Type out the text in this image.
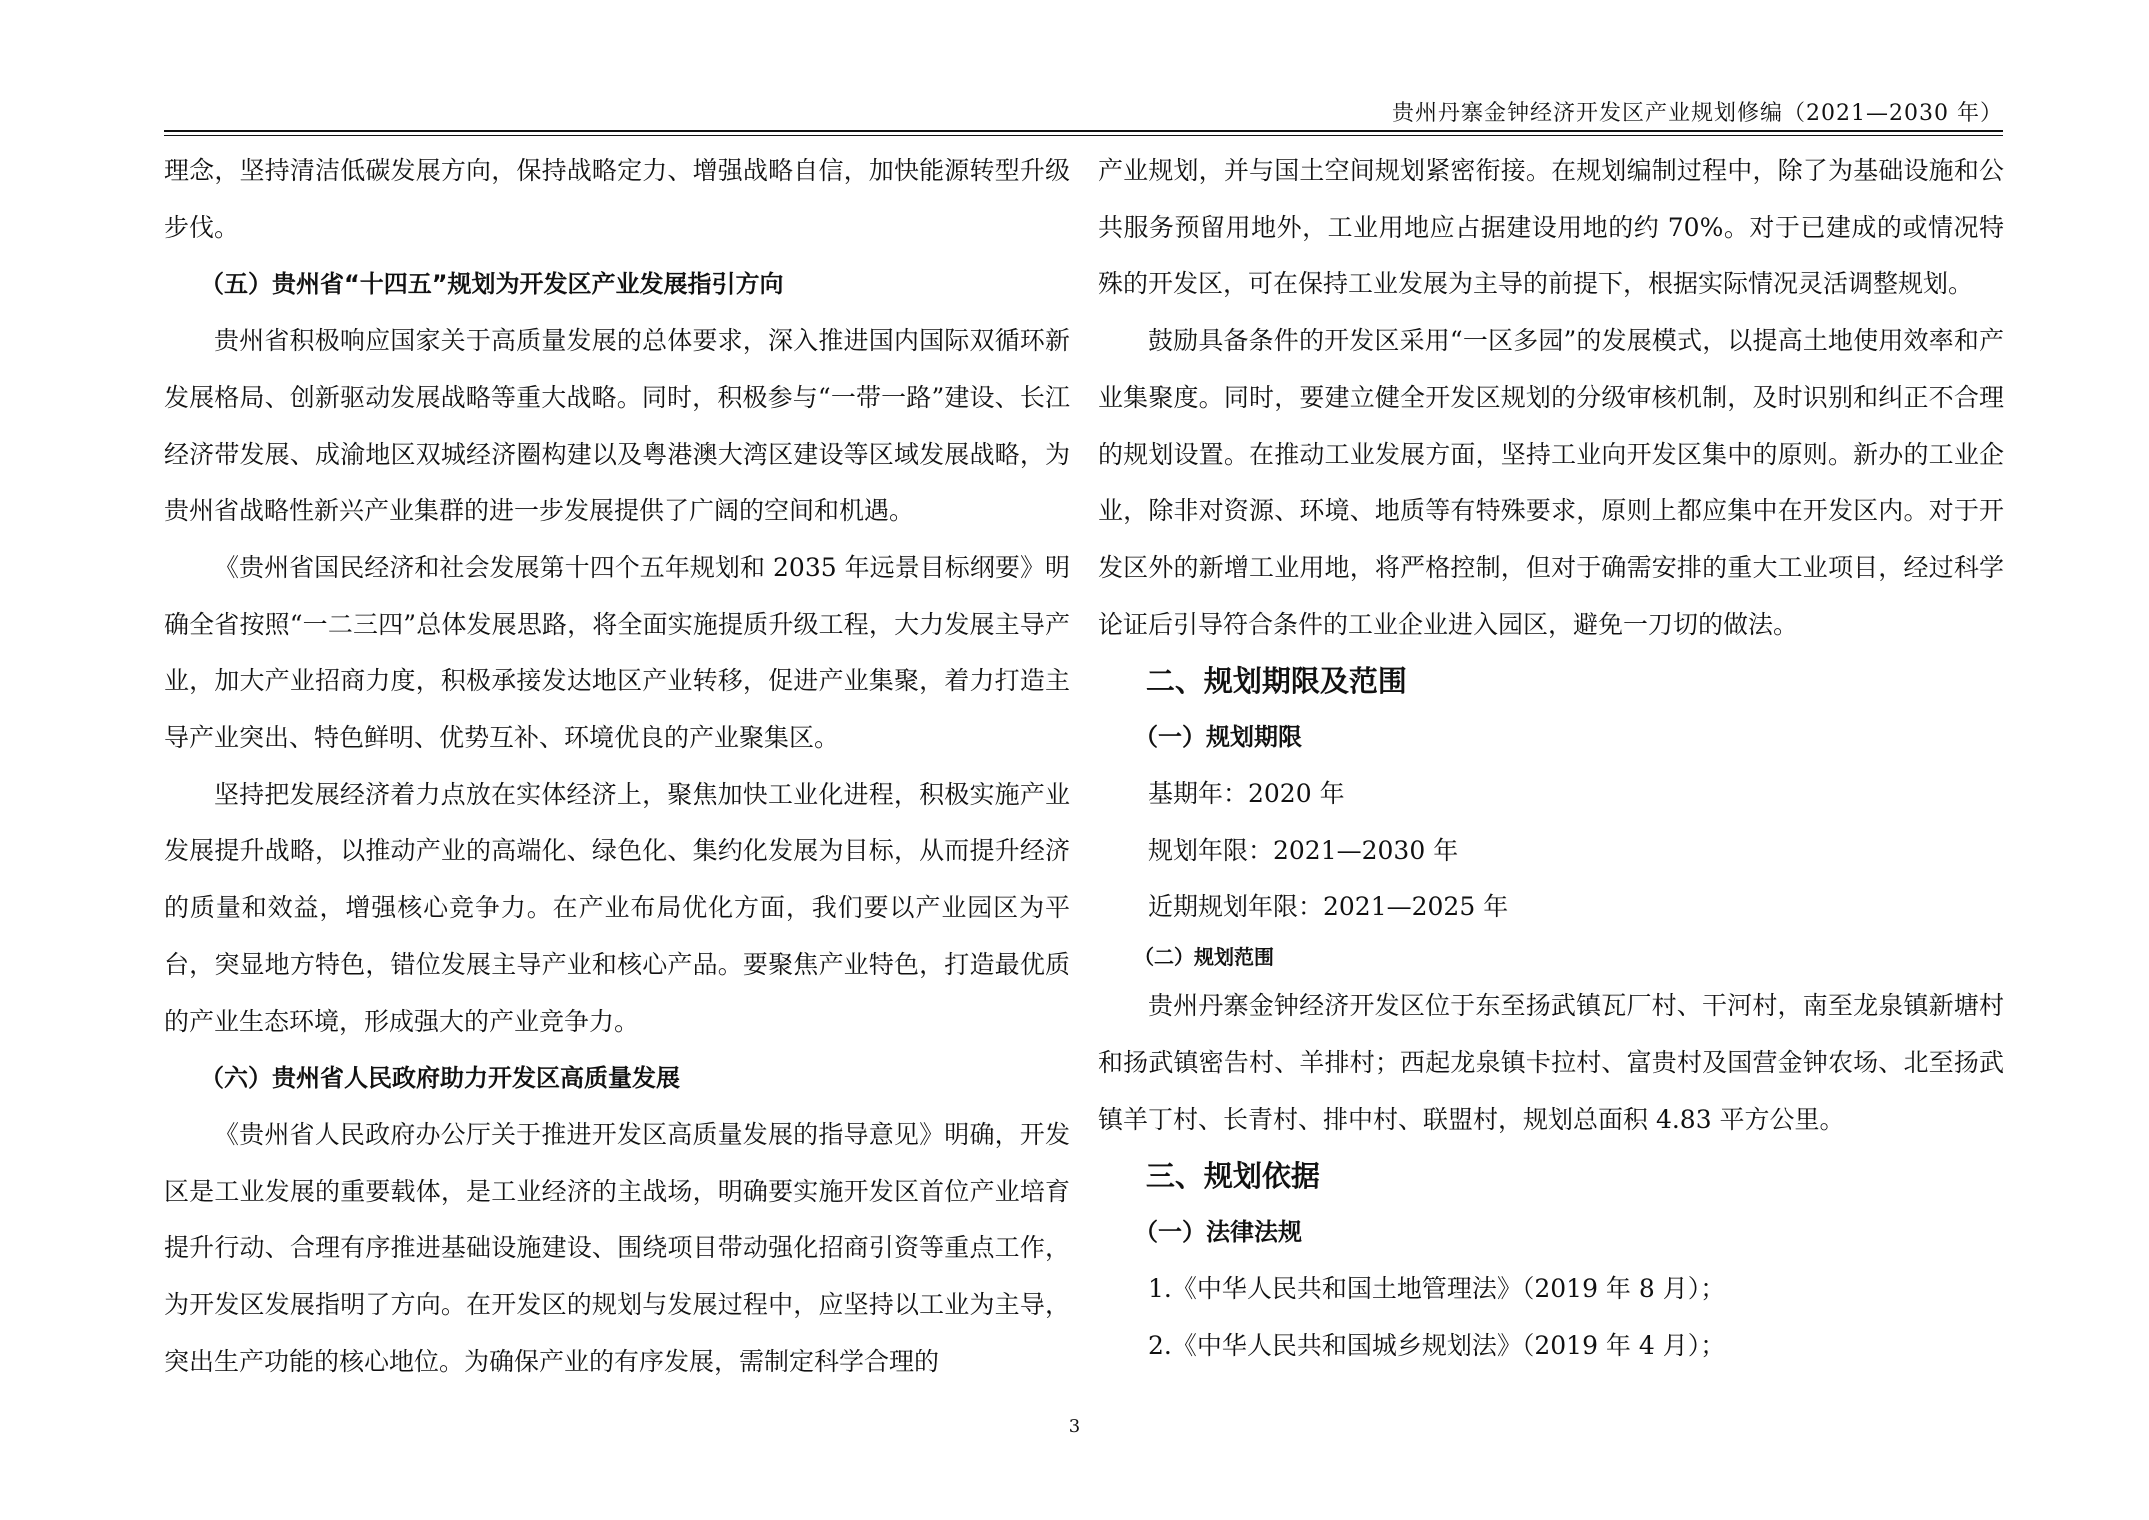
贵州丹寨金钟经济开发区产业规划修编（2021—2030 年）

理念，坚持清洁低碳发展方向，保持战略定力、增强战略自信，加快能源转型升级步伐。

（五）贵州省“十四五”规划为开发区产业发展指引方向

贵州省积极响应国家关于高质量发展的总体要求，深入推进国内国际双循环新发展格局、创新驱动发展战略等重大战略。同时，积极参与“一带一路”建设、长江经济带发展、成渝地区双城经济圈构建以及粤港澳大湾区建设等区域发展战略，为贵州省战略性新兴产业集群的进一步发展提供了广阔的空间和机遇。

《贵州省国民经济和社会发展第十四个五年规划和 2035 年远景目标纲要》明确全省按照“一二三四”总体发展思路，将全面实施提质升级工程，大力发展主导产业，加大产业招商力度，积极承接发达地区产业转移，促进产业集聚，着力打造主导产业突出、特色鲜明、优势互补、环境优良的产业聚集区。

坚持把发展经济着力点放在实体经济上，聚焦加快工业化进程，积极实施产业发展提升战略，以推动产业的高端化、绿色化、集约化发展为目标，从而提升经济的质量和效益，增强核心竞争力。在产业布局优化方面，我们要以产业园区为平台，突显地方特色，错位发展主导产业和核心产品。要聚焦产业特色，打造最优质的产业生态环境，形成强大的产业竞争力。

（六）贵州省人民政府助力开发区高质量发展

《贵州省人民政府办公厅关于推进开发区高质量发展的指导意见》明确，开发区是工业发展的重要载体，是工业经济的主战场，明确要实施开发区首位产业培育提升行动、合理有序推进基础设施建设、围绕项目带动强化招商引资等重点工作，为开发区发展指明了方向。在开发区的规划与发展过程中，应坚持以工业为主导，突出生产功能的核心地位。为确保产业的有序发展，需制定科学合理的

产业规划，并与国土空间规划紧密衔接。在规划编制过程中，除了为基础设施和公共服务预留用地外，工业用地应占据建设用地的约 70%。对于已建成的或情况特殊的开发区，可在保持工业发展为主导的前提下，根据实际情况灵活调整规划。

鼓励具备条件的开发区采用“一区多园”的发展模式，以提高土地使用效率和产业集聚度。同时，要建立健全开发区规划的分级审核机制，及时识别和纠正不合理的规划设置。在推动工业发展方面，坚持工业向开发区集中的原则。新办的工业企业，除非对资源、环境、地质等有特殊要求，原则上都应集中在开发区内。对于开发区外的新增工业用地，将严格控制，但对于确需安排的重大工业项目，经过科学论证后引导符合条件的工业企业进入园区，避免一刀切的做法。

二、规划期限及范围

（一）规划期限

基期年：2020 年

规划年限：2021—2030 年

近期规划年限：2021—2025 年

（二）规划范围

贵州丹寨金钟经济开发区位于东至扬武镇瓦厂村、干河村，南至龙泉镇新塘村和扬武镇密告村、羊排村；西起龙泉镇卡拉村、富贵村及国营金钟农场、北至扬武镇羊丁村、长青村、排中村、联盟村，规划总面积 4.83 平方公里。

三、规划依据

（一）法律法规

1.《中华人民共和国土地管理法》（2019 年 8 月）；

2.《中华人民共和国城乡规划法》（2019 年 4 月）；

3
